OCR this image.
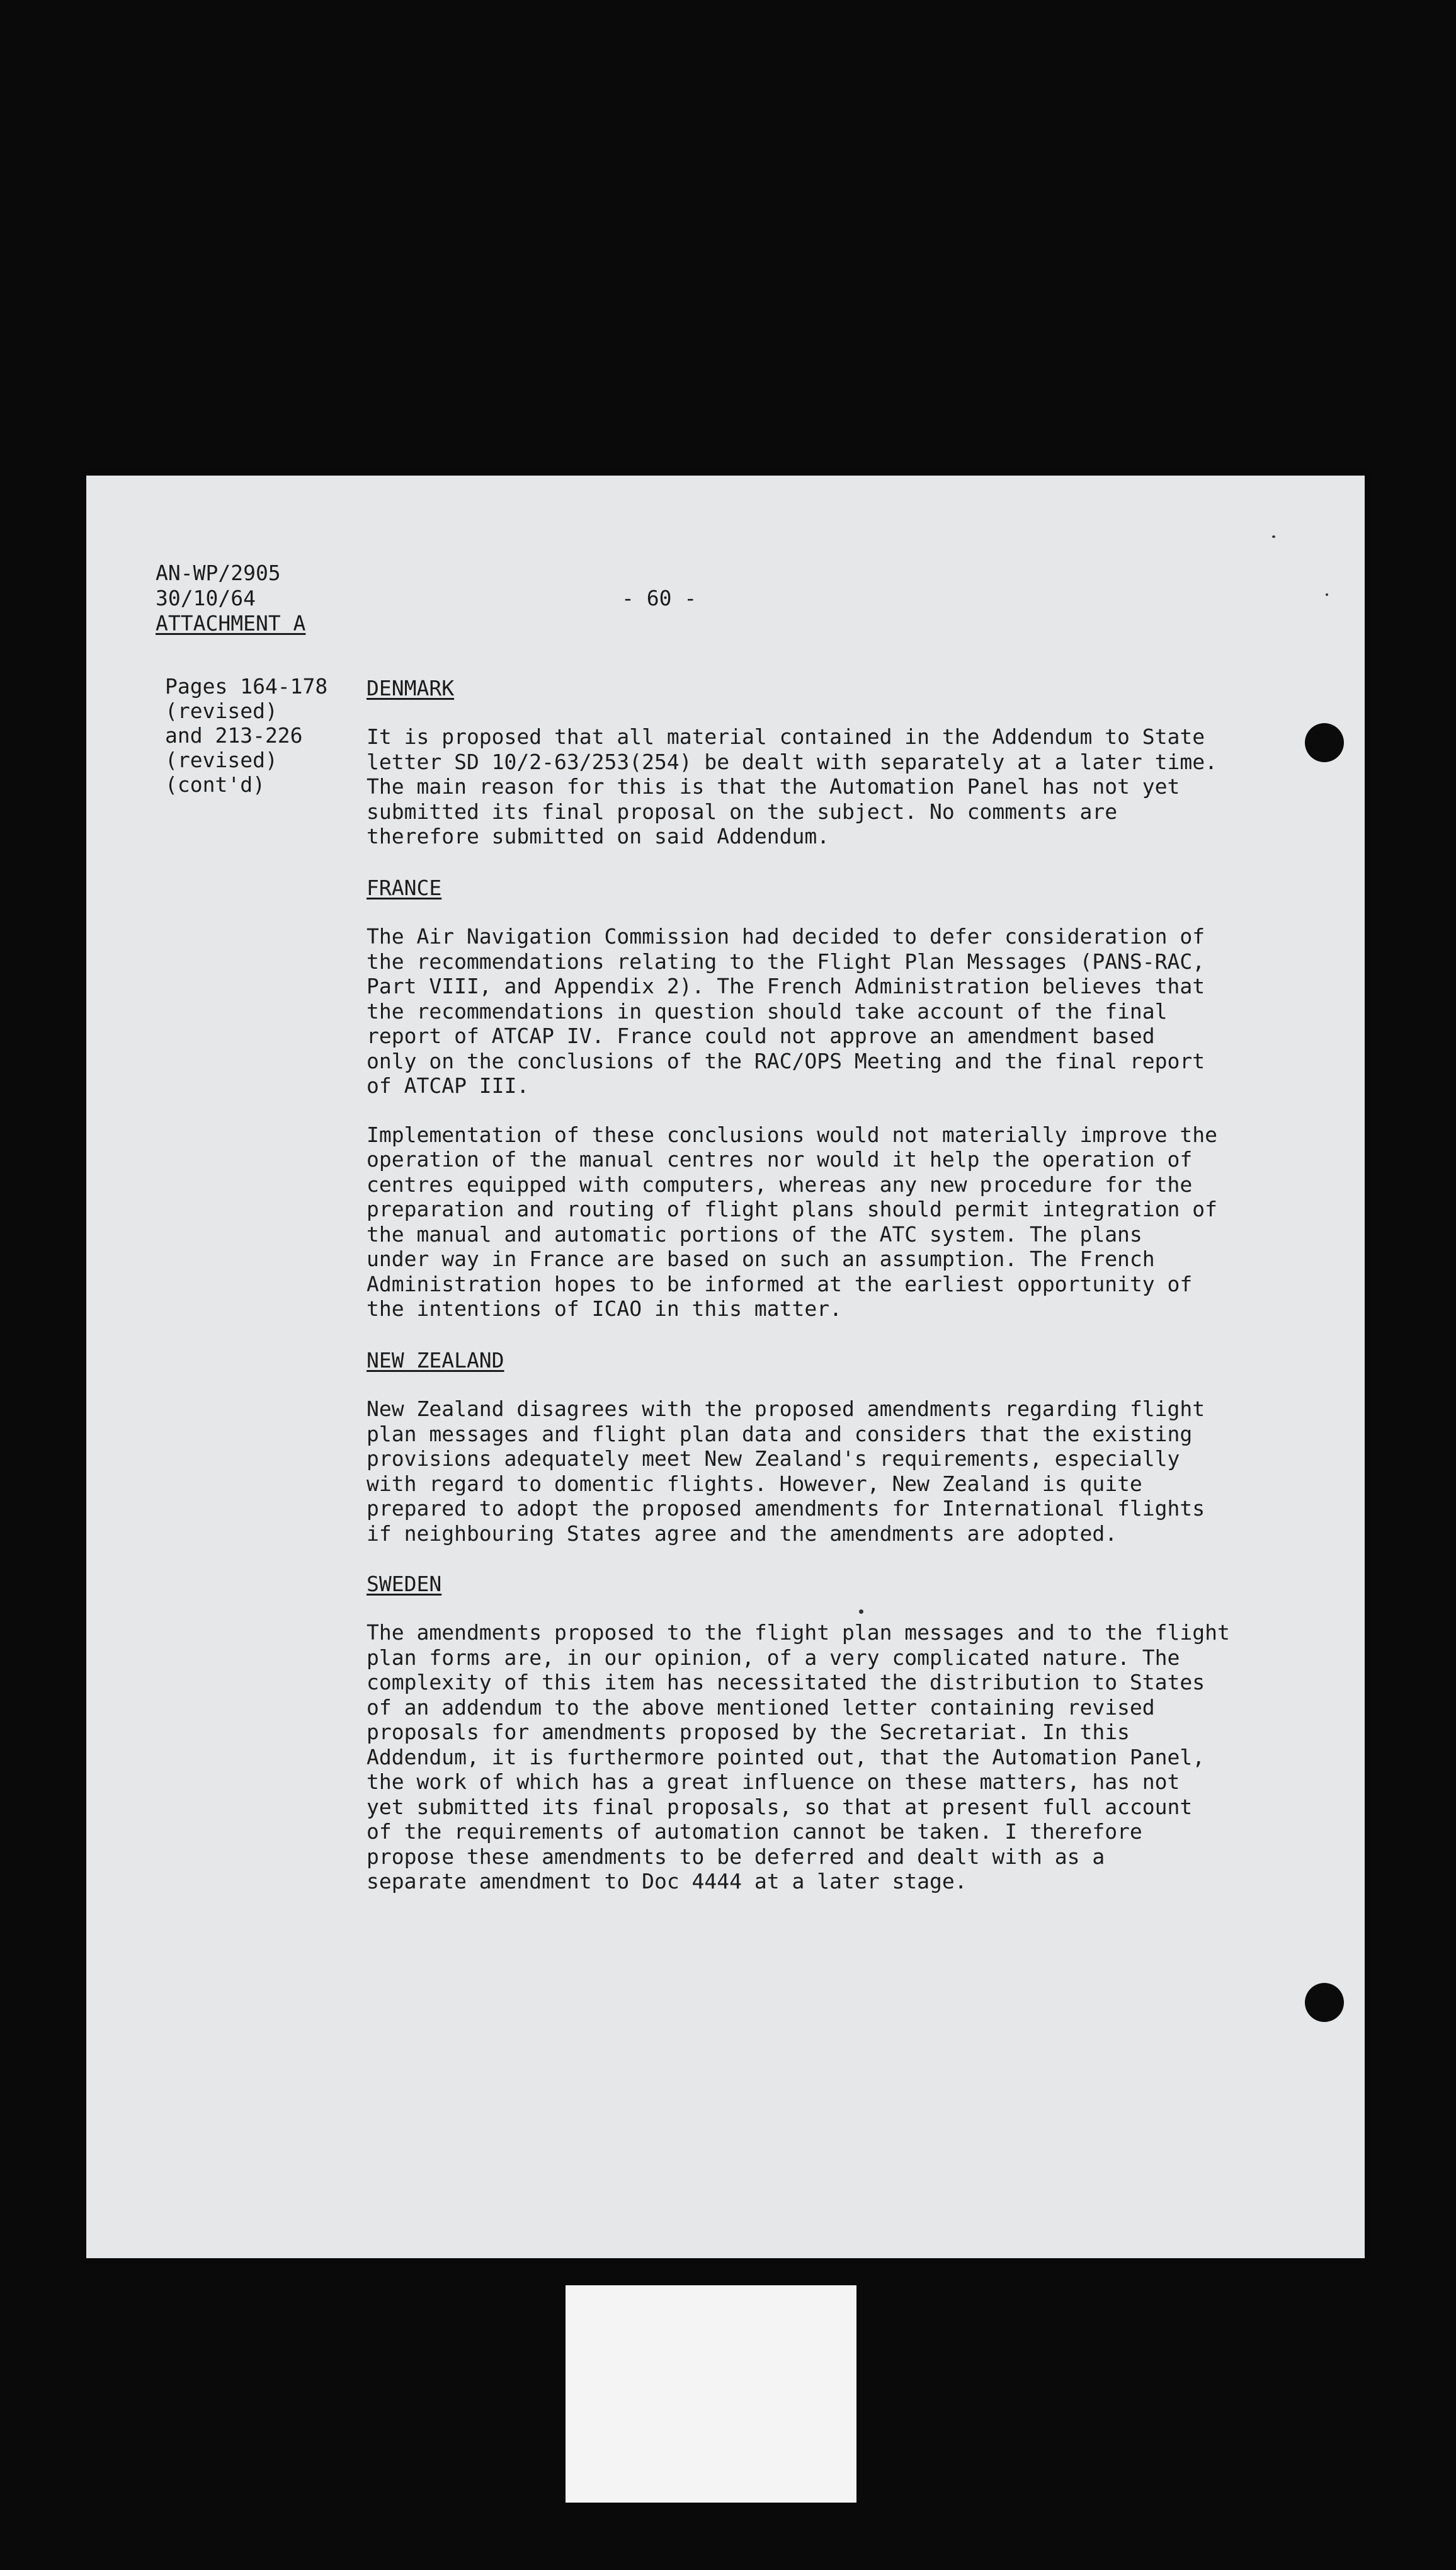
AN-WP/2905
30/10/64
ATTACHMENT A
- 60 -
Pages 164-178
(revised)
and 213-226
(revised)
(cont'd)
DENMARK

It is proposed that all material contained in the Addendum to State

letter SD 10/2-63/253(254) be dealt with separately at a later time.

The main reason for this is that the Automation Panel has not yet

submitted its final proposal on the subject. No comments are

therefore submitted on said Addendum.

FRANCE

The Air Navigation Commission had decided to defer consideration of

the recommendations relating to the Flight Plan Messages (PANS-RAC,

Part VIII, and Appendix 2). The French Administration believes that

the recommendations in question should take account of the final

report of ATCAP IV. France could not approve an amendment based

only on the conclusions of the RAC/OPS Meeting and the final report

of ATCAP III.

Implementation of these conclusions would not materially improve the

operation of the manual centres nor would it help the operation of

centres equipped with computers, whereas any new procedure for the

preparation and routing of flight plans should permit integration of

the manual and automatic portions of the ATC system. The plans

under way in France are based on such an assumption. The French

Administration hopes to be informed at the earliest opportunity of

the intentions of ICAO in this matter.

NEW ZEALAND

New Zealand disagrees with the proposed amendments regarding flight

plan messages and flight plan data and considers that the existing

provisions adequately meet New Zealand's requirements, especially

with regard to domentic flights. However, New Zealand is quite

prepared to adopt the proposed amendments for International flights

if neighbouring States agree and the amendments are adopted.

SWEDEN

The amendments proposed to the flight plan messages and to the flight

plan forms are, in our opinion, of a very complicated nature. The

complexity of this item has necessitated the distribution to States

of an addendum to the above mentioned letter containing revised

proposals for amendments proposed by the Secretariat. In this

Addendum, it is furthermore pointed out, that the Automation Panel,

the work of which has a great influence on these matters, has not

yet submitted its final proposals, so that at present full account

of the requirements of automation cannot be taken. I therefore

propose these amendments to be deferred and dealt with as a

separate amendment to Doc 4444 at a later stage.
